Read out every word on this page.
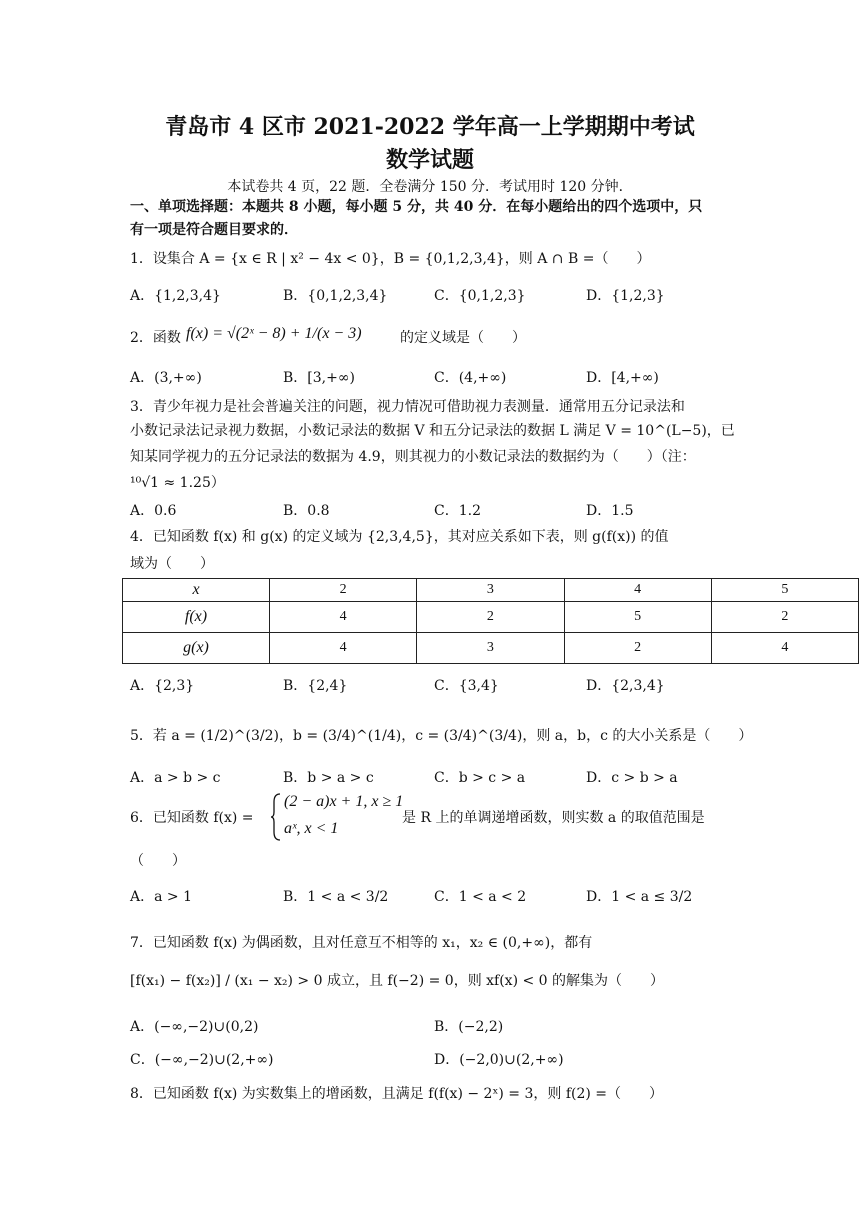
青岛市 4 区市 2021-2022 学年高一上学期期中考试
数学试题
本试卷共 4 页，22 题．全卷满分 150 分．考试用时 120 分钟．
一、单项选择题：本题共 8 小题，每小题 5 分，共 40 分．在每小题给出的四个选项中，只
有一项是符合题目要求的．
1．设集合 A = {x ∈ R | x² − 4x < 0}，B = {0,1,2,3,4}，则 A ∩ B =（　　）
A．{1,2,3,4}	B．{0,1,2,3,4}	C．{0,1,2,3}	D．{1,2,3}
2．函数 f(x) = √(2ˣ − 8) + 1/(x − 3)	的定义域是（　　）
A．(3,+∞)	B．[3,+∞)	C．(4,+∞)	D．[4,+∞)
3．青少年视力是社会普遍关注的问题，视力情况可借助视力表测量．通常用五分记录法和
小数记录法记录视力数据，小数记录法的数据 V 和五分记录法的数据 L 满足 V = 10^(L−5)，已
知某同学视力的五分记录法的数据为 4.9，则其视力的小数记录法的数据约为（　　）（注：
¹⁰√1 ≈ 1.25）
A．0.6	B．0.8	C．1.2	D．1.5
4．已知函数 f(x) 和 g(x) 的定义域为 {2,3,4,5}，其对应关系如下表，则 g(f(x)) 的值
域为（　　）
x	2	3	4	5
f(x)	4	2	5	2
g(x)	4	3	2	4
A．{2,3}	B．{2,4}	C．{3,4}	D．{2,3,4}
5．若 a = (1/2)^(3/2)，b = (3/4)^(1/4)，c = (3/4)^(3/4)，则 a，b，c 的大小关系是（　　）
A．a > b > c	B．b > a > c	C．b > c > a	D．c > b > a
6．已知函数 f(x) =
(2 − a)x + 1, x ≥ 1
aˣ, x < 1
是 R 上的单调递增函数，则实数 a 的取值范围是
（　　）
A．a > 1	B．1 < a < 3/2	C．1 < a < 2	D．1 < a ≤ 3/2
7．已知函数 f(x) 为偶函数，且对任意互不相等的 x₁，x₂ ∈ (0,+∞)，都有
[f(x₁) − f(x₂)] / (x₁ − x₂) > 0 成立，且 f(−2) = 0，则 xf(x) < 0 的解集为（　　）
A．(−∞,−2)∪(0,2)	B．(−2,2)
C．(−∞,−2)∪(2,+∞)	D．(−2,0)∪(2,+∞)
8．已知函数 f(x) 为实数集上的增函数，且满足 f(f(x) − 2ˣ) = 3，则 f(2) =（　　）
